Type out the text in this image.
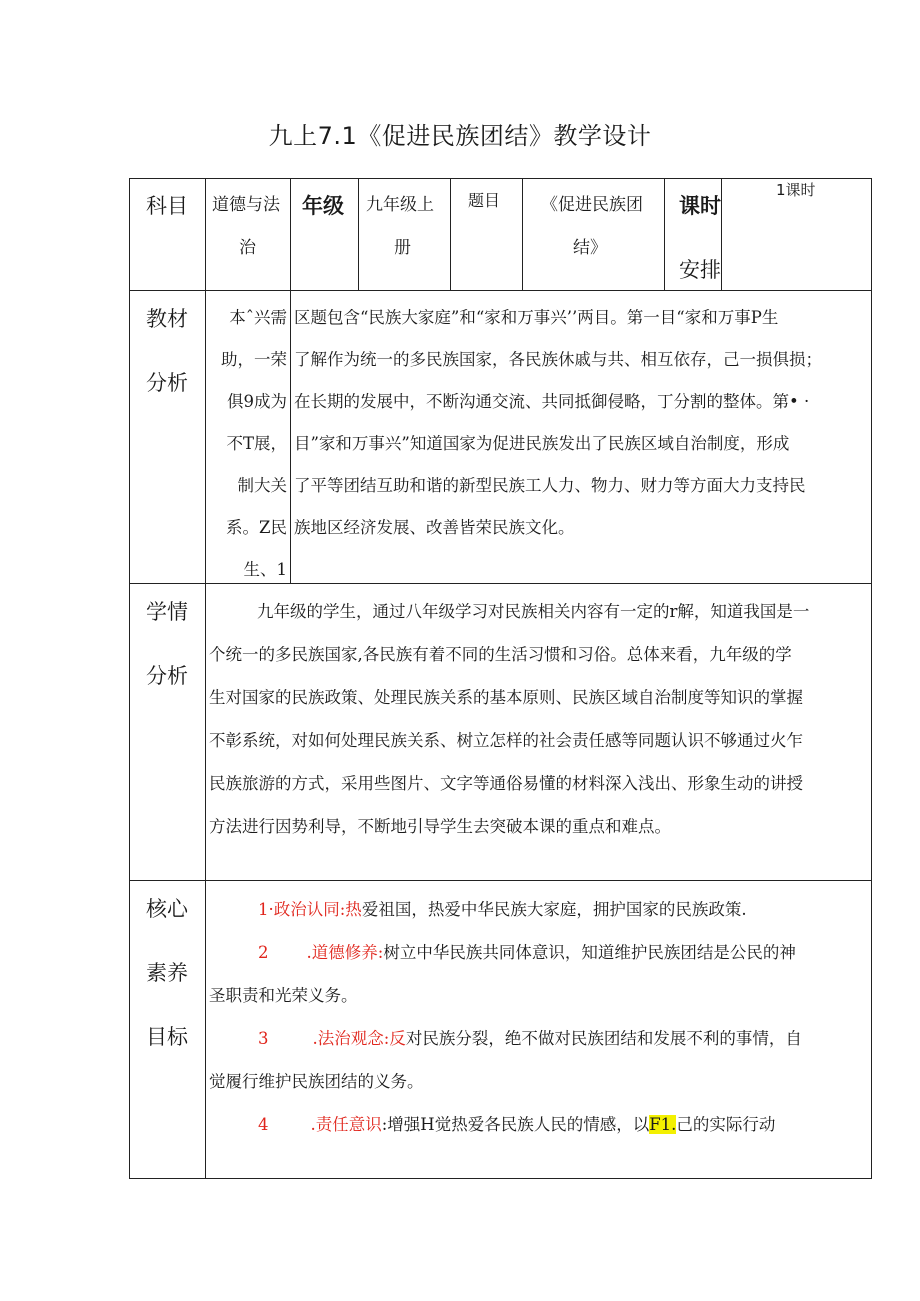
九上7.1《促进民族团结》教学设计
科目 道德与法
治
年级 九年级上
册
题目 《促进民族团
结》
课时
安排
1课时
教材
分析
本ˆ兴需
助，一荣
俱9成为
不T展，
制大关
系。Z民
生、1
区题包含“民族大家庭”和“家和万事兴’’两目。第一目“家和万事P生
了解作为统一的多民族国家，各民族休戚与共、相互依存，己一损俱损；
在长期的发展中，不断沟通交流、共同抵御侵略，丁分割的整体。第• ·
目”家和万事兴”知道国家为促进民族发出了民族区域自治制度，形成
了平等团结互助和谐的新型民族工人力、物力、财力等方面大力支持民
族地区经济发展、改善皆荣民族文化。
学情
分析
九年级的学生，通过八年级学习对民族相关内容有一定的r解，知道我国是一
个统一的多民族国家,各民族有着不同的生活习惯和习俗。总体来看，九年级的学
生对国家的民族政策、处理民族关系的基本原则、民族区域自治制度等知识的掌握
不彰系统，对如何处理民族关系、树立怎样的社会责任感等同题认识不够通过火乍
民族旅游的方式，采用些图片、文字等通俗易懂的材料深入浅出、形象生动的讲授
方法进行因势利导，不断地引导学生去突破本课的重点和难点。
核心
素养
目标
1·政治认同:热爱祖国，热爱中华民族大家庭，拥护国家的民族政策.
2 .道德修养:树立中华民族共同体意识，知道维护民族团结是公民的神
圣职责和光荣义务。
3	.法治观念:反对民族分裂，绝不做对民族团结和发展不利的事情，自
觉履行维护民族团结的义务。
4	.责任意识:增强H觉热爱各民族人民的情感，以F1.己的实际行动
